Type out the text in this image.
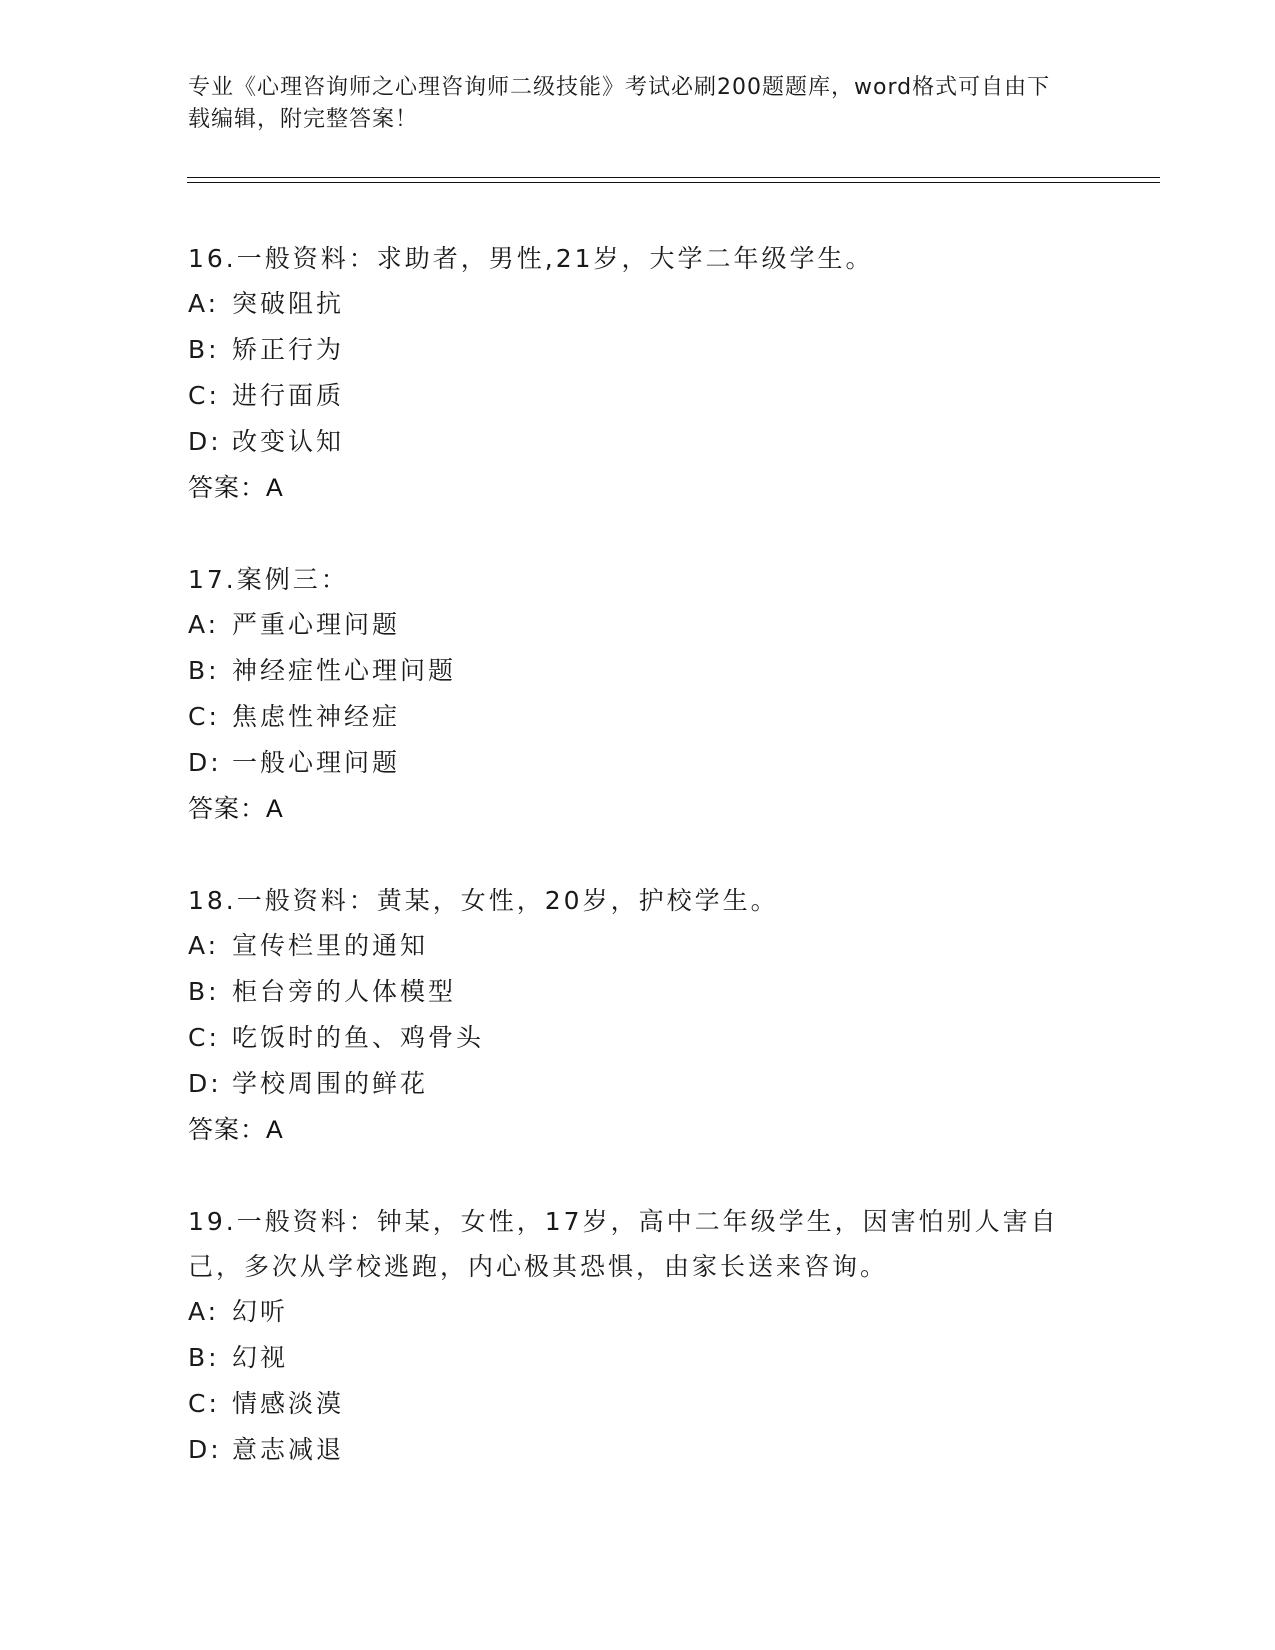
专业《心理咨询师之心理咨询师二级技能》考试必刷200题题库，word格式可自由下载编辑，附完整答案！

16.一般资料：求助者，男性,21岁，大学二年级学生。

A: 突破阻抗

B: 矫正行为

C: 进行面质

D: 改变认知

答案：A

17.案例三：

A: 严重心理问题

B: 神经症性心理问题

C: 焦虑性神经症

D: 一般心理问题

答案：A

18.一般资料：黄某，女性，20岁，护校学生。

A: 宣传栏里的通知

B: 柜台旁的人体模型

C: 吃饭时的鱼、鸡骨头

D: 学校周围的鲜花

答案：A

19.一般资料：钟某，女性，17岁，高中二年级学生，因害怕别人害自己，多次从学校逃跑，内心极其恐惧，由家长送来咨询。

A: 幻听

B: 幻视

C: 情感淡漠

D: 意志减退
